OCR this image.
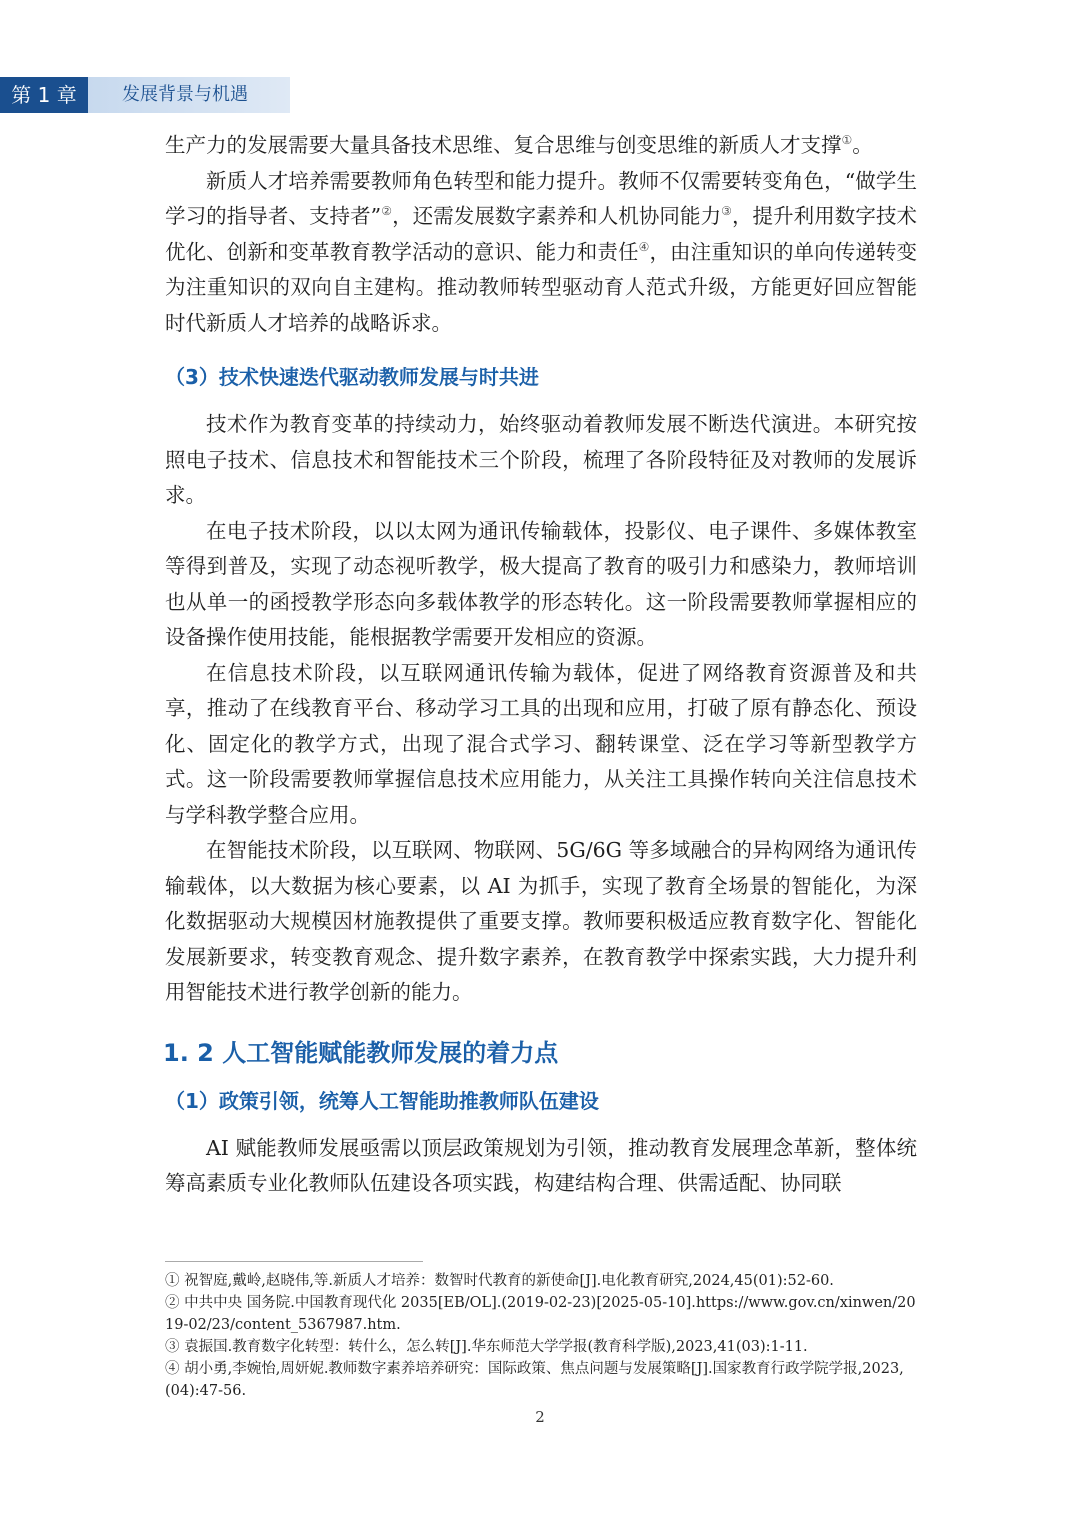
第 1 章	发展背景与机遇

生产力的发展需要大量具备技术思维、复合思维与创变思维的新质人才支撑①。

新质人才培养需要教师角色转型和能力提升。教师不仅需要转变角色，“做学生学习的指导者、支持者”②，还需发展数字素养和人机协同能力③，提升利用数字技术优化、创新和变革教育教学活动的意识、能力和责任④，由注重知识的单向传递转变为注重知识的双向自主建构。推动教师转型驱动育人范式升级，方能更好回应智能时代新质人才培养的战略诉求。

（3）技术快速迭代驱动教师发展与时共进

技术作为教育变革的持续动力，始终驱动着教师发展不断迭代演进。本研究按照电子技术、信息技术和智能技术三个阶段，梳理了各阶段特征及对教师的发展诉求。

在电子技术阶段，以以太网为通讯传输载体，投影仪、电子课件、多媒体教室等得到普及，实现了动态视听教学，极大提高了教育的吸引力和感染力，教师培训也从单一的函授教学形态向多载体教学的形态转化。这一阶段需要教师掌握相应的设备操作使用技能，能根据教学需要开发相应的资源。

在信息技术阶段，以互联网通讯传输为载体，促进了网络教育资源普及和共享，推动了在线教育平台、移动学习工具的出现和应用，打破了原有静态化、预设化、固定化的教学方式，出现了混合式学习、翻转课堂、泛在学习等新型教学方式。这一阶段需要教师掌握信息技术应用能力，从关注工具操作转向关注信息技术与学科教学整合应用。

在智能技术阶段，以互联网、物联网、5G/6G 等多域融合的异构网络为通讯传输载体，以大数据为核心要素，以 AI 为抓手，实现了教育全场景的智能化，为深化数据驱动大规模因材施教提供了重要支撑。教师要积极适应教育数字化、智能化发展新要求，转变教育观念、提升数字素养，在教育教学中探索实践，大力提升利用智能技术进行教学创新的能力。

1. 2 人工智能赋能教师发展的着力点
（1）政策引领，统筹人工智能助推教师队伍建设

AI 赋能教师发展亟需以顶层政策规划为引领，推动教育发展理念革新，整体统筹高素质专业化教师队伍建设各项实践，构建结构合理、供需适配、协同联

① 祝智庭,戴岭,赵晓伟,等.新质人才培养：数智时代教育的新使命[J].电化教育研究,2024,45(01):52-60.

② 中共中央 国务院.中国教育现代化 2035[EB/OL].(2019-02-23)[2025-05-10].https://www.gov.cn/xinwen/2019-02/23/content_5367987.htm.

③ 袁振国.教育数字化转型：转什么，怎么转[J].华东师范大学学报(教育科学版),2023,41(03):1-11.

④ 胡小勇,李婉怡,周妍妮.教师数字素养培养研究：国际政策、焦点问题与发展策略[J].国家教育行政学院学报,2023,(04):47-56.

2
